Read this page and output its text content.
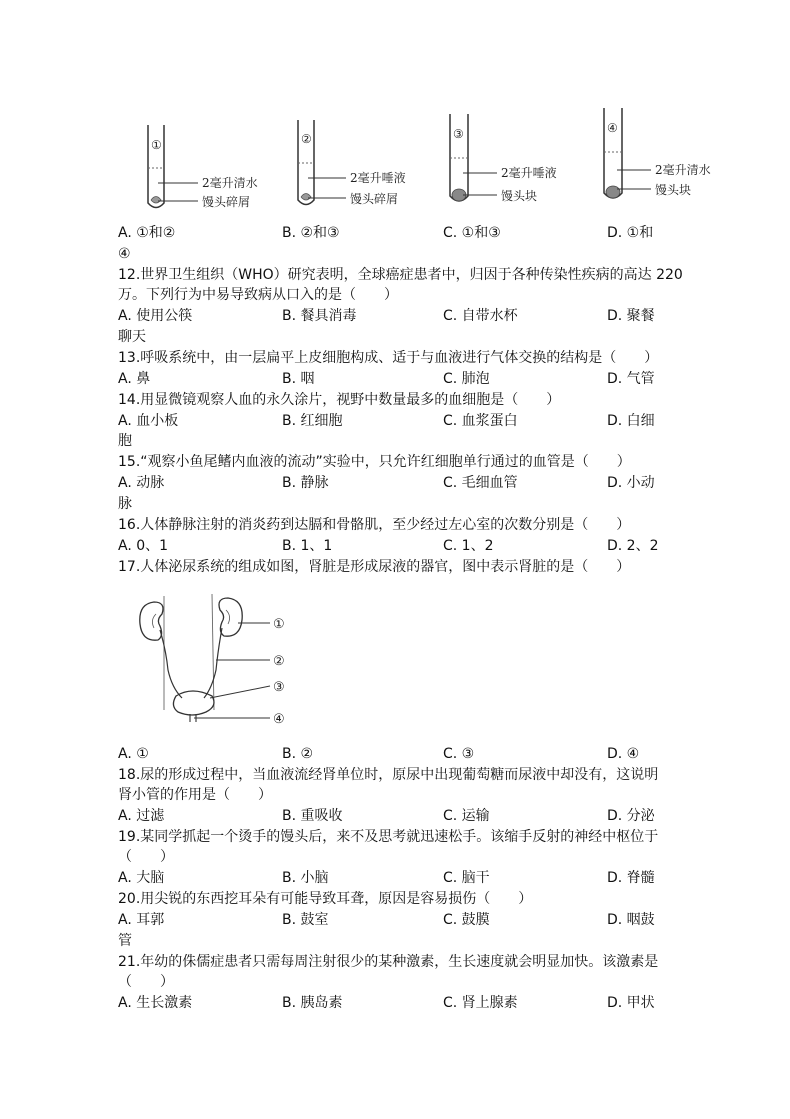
①
2毫升清水
馒头碎屑
②
2毫升唾液
馒头碎屑
③
2毫升唾液
馒头块
④
2毫升清水
馒头块
A. ①和②	B. ②和③	C. ①和③	D. ①和
④
12.世界卫生组织（WHO）研究表明，全球癌症患者中，归因于各种传染性疾病的高达 220
万。下列行为中易导致病从口入的是（　　）
A. 使用公筷	B. 餐具消毒	C. 自带水杯	D. 聚餐
聊天
13.呼吸系统中，由一层扁平上皮细胞构成、适于与血液进行气体交换的结构是（　　）
A. 鼻	B. 咽	C. 肺泡	D. 气管
14.用显微镜观察人血的永久涂片，视野中数量最多的血细胞是（　　）
A. 血小板	B. 红细胞	C. 血浆蛋白	D. 白细
胞
15.“观察小鱼尾鳍内血液的流动”实验中，只允许红细胞单行通过的血管是（　　）
A. 动脉	B. 静脉	C. 毛细血管	D. 小动
脉
16.人体静脉注射的消炎药到达膈和骨骼肌，至少经过左心室的次数分别是（　　）
A. 0、1	B. 1、1	C. 1、2	D. 2、2
17.人体泌尿系统的组成如图，肾脏是形成尿液的器官，图中表示肾脏的是（　　）
①
②
③
④
A. ①	B. ②	C. ③	D. ④
18.尿的形成过程中，当血液流经肾单位时，原尿中出现葡萄糖而尿液中却没有，这说明
肾小管的作用是（　　）
A. 过滤	B. 重吸收	C. 运输	D. 分泌
19.某同学抓起一个烫手的馒头后，来不及思考就迅速松手。该缩手反射的神经中枢位于
（　　）
A. 大脑	B. 小脑	C. 脑干	D. 脊髓
20.用尖锐的东西挖耳朵有可能导致耳聋，原因是容易损伤（　　）
A. 耳郭	B. 鼓室	C. 鼓膜	D. 咽鼓
管
21.年幼的侏儒症患者只需每周注射很少的某种激素，生长速度就会明显加快。该激素是
（　　）
A. 生长激素	B. 胰岛素	C. 肾上腺素	D. 甲状
